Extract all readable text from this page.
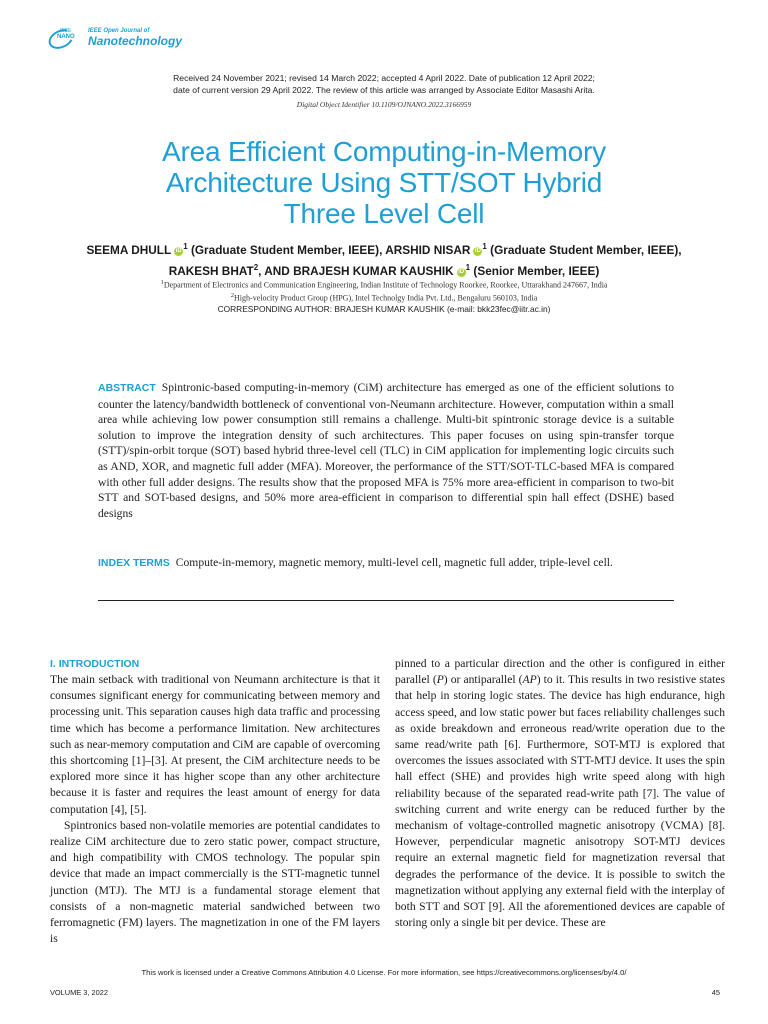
IEEE
NANO
IEEE Open Journal of
Nanotechnology
Received 24 November 2021; revised 14 March 2022; accepted 4 April 2022. Date of publication 12 April 2022;
date of current version 29 April 2022. The review of this article was arranged by Associate Editor Masashi Arita.
Digital Object Identifier 10.1109/OJNANO.2022.3166959
Area Efficient Computing-in-Memory
Architecture Using STT/SOT Hybrid
Three Level Cell
SEEMA DHULL iD $^1$ (Graduate Student Member, IEEE), ARSHID NISAR iD $^1$ (Graduate Student Member, IEEE),
RAKESH BHAT$^2$, AND BRAJESH KUMAR KAUSHIK iD $^1$ (Senior Member, IEEE)
$^1$Department of Electronics and Communication Engineering, Indian Institute of Technology Roorkee, Roorkee, Uttarakhand 247667, India
$^2$High-velocity Product Group (HPG), Intel Technolgy India Pvt. Ltd., Bengaluru 560103, India
CORRESPONDING AUTHOR: BRAJESH KUMAR KAUSHIK (e-mail: bkk23fec@iitr.ac.in)
ABSTRACT Spintronic-based computing-in-memory (CiM) architecture has emerged as one of the efficient solutions to counter the latency/bandwidth bottleneck of conventional von-Neumann architecture. However, computation within a small area while achieving low power consumption still remains a challenge. Multi-bit spintronic storage device is a suitable solution to improve the integration density of such architectures. This paper focuses on using spin-transfer torque (STT)/spin-orbit torque (SOT) based hybrid three-level cell (TLC) in CiM application for implementing logic circuits such as AND, XOR, and magnetic full adder (MFA). Moreover, the performance of the STT/SOT-TLC-based MFA is compared with other full adder designs. The results show that the proposed MFA is 75% more area-efficient in comparison to two-bit STT and SOT-based designs, and 50% more area-efficient in comparison to differential spin hall effect (DSHE) based designs
INDEX TERMS Compute-in-memory, magnetic memory, multi-level cell, magnetic full adder, triple-level cell.
I. INTRODUCTION

The main setback with traditional von Neumann architecture is that it consumes significant energy for communicating between memory and processing unit. This separation causes high data traffic and processing time which has become a performance limitation. New architectures such as near-memory computation and CiM are capable of overcoming this shortcoming [1]–[3]. At present, the CiM architecture needs to be explored more since it has higher scope than any other architecture because it is faster and requires the least amount of energy for data computation [4], [5].

Spintronics based non-volatile memories are potential candidates to realize CiM architecture due to zero static power, compact structure, and high compatibility with CMOS technology. The popular spin device that made an impact commercially is the STT-magnetic tunnel junction (MTJ). The MTJ is a fundamental storage element that consists of a non-magnetic material sandwiched between two ferromagnetic (FM) layers. The magnetization in one of the FM layers is

pinned to a particular direction and the other is configured in either parallel (P) or antiparallel (AP) to it. This results in two resistive states that help in storing logic states. The device has high endurance, high access speed, and low static power but faces reliability challenges such as oxide breakdown and erroneous read/write operation due to the same read/write path [6]. Furthermore, SOT-MTJ is explored that overcomes the issues associated with STT-MTJ device. It uses the spin hall effect (SHE) and provides high write speed along with high reliability because of the separated read-write path [7]. The value of switching current and write energy can be reduced further by the mechanism of voltage-controlled magnetic anisotropy (VCMA) [8]. However, perpendicular magnetic anisotropy SOT-MTJ devices require an external magnetic field for magnetization reversal that degrades the performance of the device. It is possible to switch the magnetization without applying any external field with the interplay of both STT and SOT [9]. All the aforementioned devices are capable of storing only a single bit per device. These are

This work is licensed under a Creative Commons Attribution 4.0 License. For more information, see https://creativecommons.org/licenses/by/4.0/
VOLUME 3, 2022	45
